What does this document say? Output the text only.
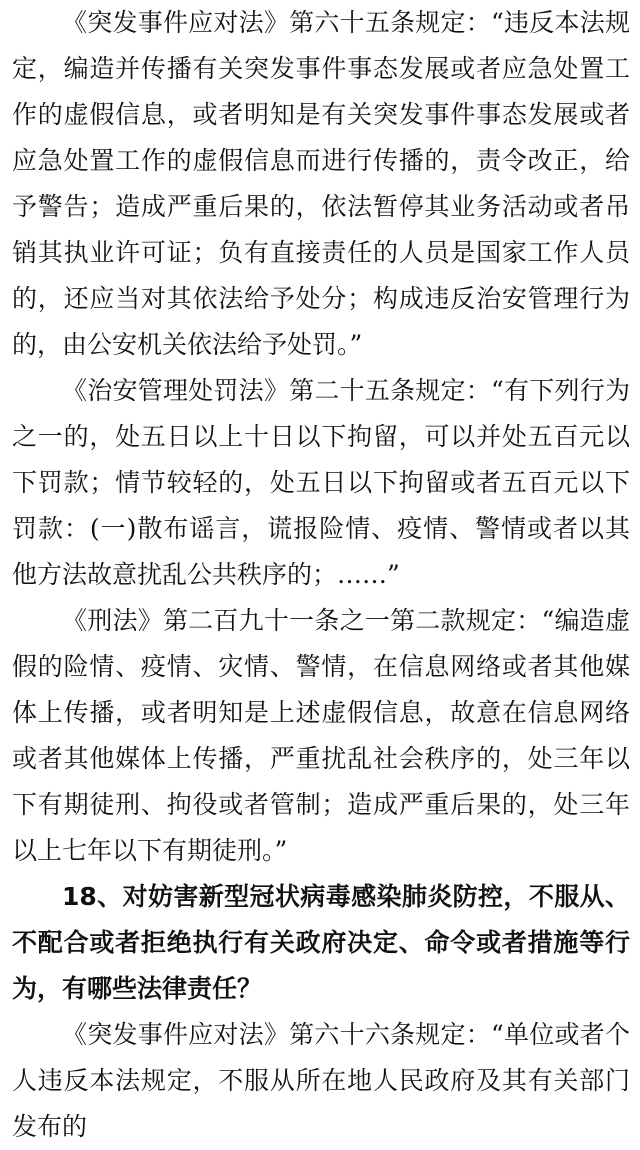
《突发事件应对法》第六十五条规定：“违反本法规定，编造并传播有关突发事件事态发展或者应急处置工作的虚假信息，或者明知是有关突发事件事态发展或者应急处置工作的虚假信息而进行传播的，责令改正，给予警告；造成严重后果的，依法暂停其业务活动或者吊销其执业许可证；负有直接责任的人员是国家工作人员的，还应当对其依法给予处分；构成违反治安管理行为的，由公安机关依法给予处罚。”

《治安管理处罚法》第二十五条规定：“有下列行为之一的，处五日以上十日以下拘留，可以并处五百元以下罚款；情节较轻的，处五日以下拘留或者五百元以下罚款：(一)散布谣言，谎报险情、疫情、警情或者以其他方法故意扰乱公共秩序的；……”

《刑法》第二百九十一条之一第二款规定：“编造虚假的险情、疫情、灾情、警情，在信息网络或者其他媒体上传播，或者明知是上述虚假信息，故意在信息网络或者其他媒体上传播，严重扰乱社会秩序的，处三年以下有期徒刑、拘役或者管制；造成严重后果的，处三年以上七年以下有期徒刑。”

18、对妨害新型冠状病毒感染肺炎防控，不服从、不配合或者拒绝执行有关政府决定、命令或者措施等行为，有哪些法律责任？

《突发事件应对法》第六十六条规定：“单位或者个人违反本法规定，不服从所在地人民政府及其有关部门发布的
